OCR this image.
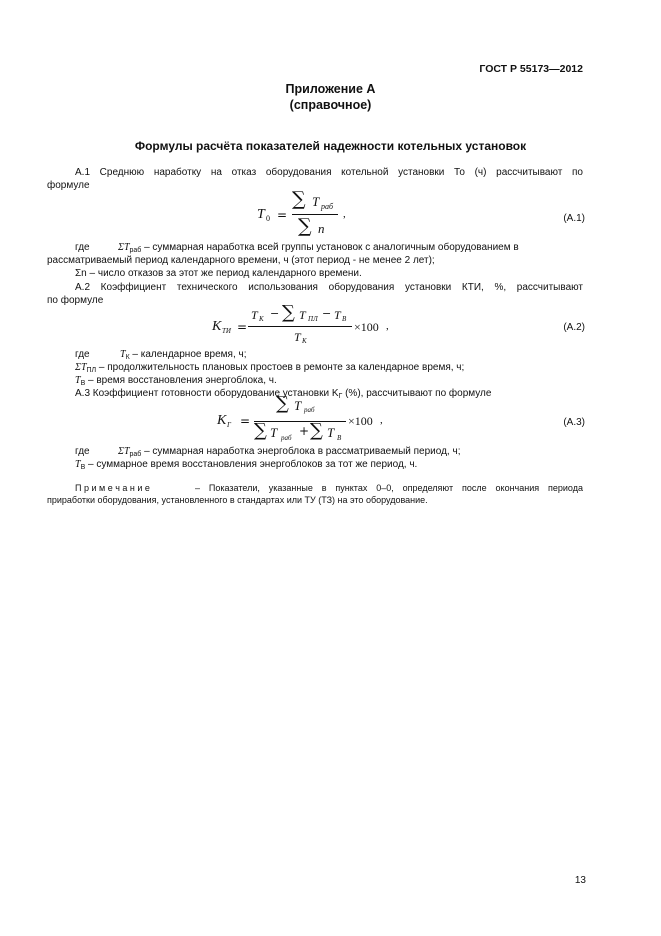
ГОСТ Р 55173—2012
Приложение А
(справочное)
Формулы расчёта показателей надежности котельных установок
А.1 Среднюю наработку на отказ оборудования котельной установки То (ч) рассчитывают по
формуле
T 0 =
∑ T раб
∑ n
,	(А.1)
где	$\Sigma T_{раб}$ – суммарная наработка всей группы установок с аналогичным оборудованием в
рассматриваемый период календарного времени, ч (этот период - не менее 2 лет);
Σn – число отказов за этот же период календарного времени.
А.2 Коэффициент технического использования оборудования установки КТИ, %, рассчитывают
по формуле
K ТИ =
T К − ∑ T ПЛ − T В
T К
×100 ,	(А.2)
где	$T_К$ – календарное время, ч;
$\Sigma T_{ПЛ}$ – продолжительность плановых простоев в ремонте за календарное время, ч;
$T_В$ – время восстановления энергоблока, ч.
А.3 Коэффициент готовности оборудование установки $K_Г$ (%), рассчитывают по формуле
K Г =
∑ T раб
∑ T раб + ∑ T В
×100 ,	(А.3)
где	$\Sigma T_{раб}$ – суммарная наработка энергоблока в рассматриваемый период, ч;
$T_В$ – суммарное время восстановления энергоблоков за тот же период, ч.
П р и м е ч а н и е	– Показатели, указанные в пунктах 0–0, определяют после окончания периода
приработки оборудования, установленного в стандартах или ТУ (ТЗ) на это оборудование.
13
